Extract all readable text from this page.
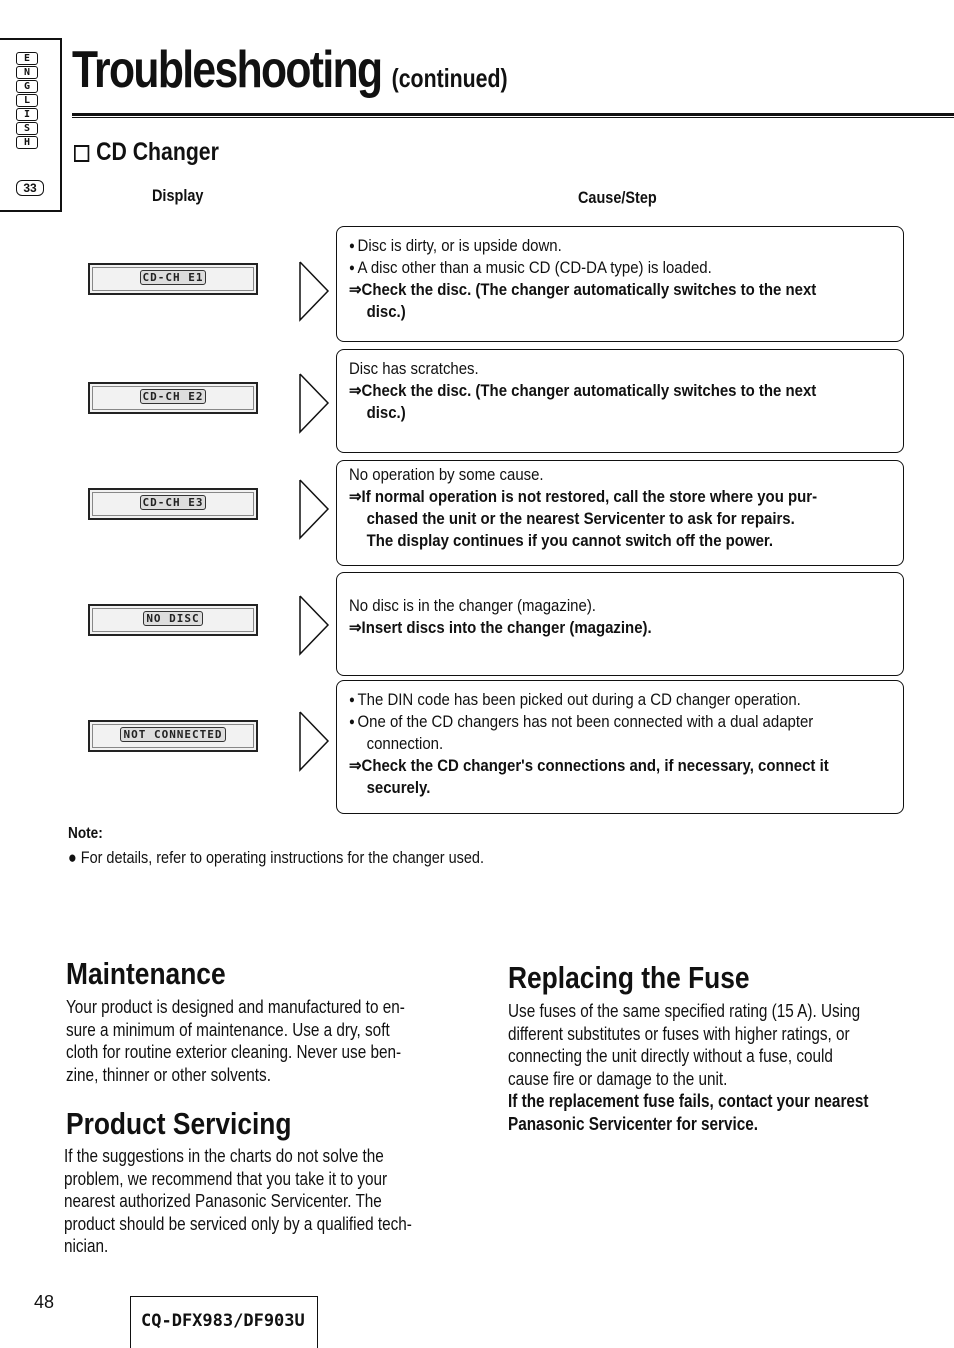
E
N
G
L
I
S
H
33
Troubleshooting (continued)
CD Changer
Display	Cause/Step
CD-CH E1
● Disc is dirty, or is upside down.
● A disc other than a music CD (CD-DA type) is loaded.
⇒Check the disc. (The changer automatically switches to the next

disc.)
CD-CH E2
Disc has scratches.
⇒Check the disc. (The changer automatically switches to the next

disc.)
CD-CH E3
No operation by some cause.
⇒If normal operation is not restored, call the store where you pur-

chased the unit or the nearest Servicenter to ask for repairs.
The display continues if you cannot switch off the power.
NO DISC
No disc is in the changer (magazine).
⇒Insert discs into the changer (magazine).
NOT CONNECTED
● The DIN code has been picked out during a CD changer operation.
● One of the CD changers has not been connected with a dual adapter

connection.
⇒Check the CD changer's connections and, if necessary, connect it

securely.
Note:
● For details, refer to operating instructions for the changer used.
Maintenance
Your product is designed and manufactured to en-
sure a minimum of maintenance. Use a dry, soft
cloth for routine exterior cleaning. Never use ben-
zine, thinner or other solvents.
Product Servicing
If the suggestions in the charts do not solve the
problem, we recommend that you take it to your
nearest authorized Panasonic Servicenter. The
product should be serviced only by a qualified tech-
nician.
Replacing the Fuse
Use fuses of the same specified rating (15 A). Using
different substitutes or fuses with higher ratings, or
connecting the unit directly without a fuse, could
cause fire or damage to the unit.
If the replacement fuse fails, contact your nearest
Panasonic Servicenter for service.
48
CQ-DFX983/DF903U
